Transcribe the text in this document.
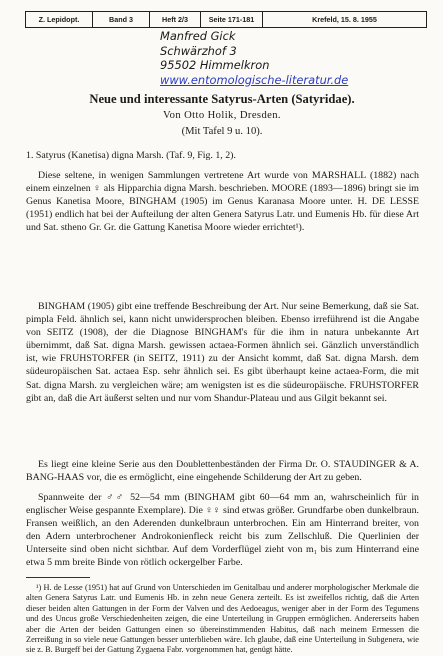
Z. Lepidopt.	Band 3	Heft 2/3	Seite 171-181	Krefeld, 15. 8. 1955
Manfred Gick
Schwärzhof 3
95502 Himmelkron
www.entomologische-literatur.de
Neue und interessante Satyrus-Arten (Satyridae).
Von Otto Holik, Dresden.
(Mit Tafel 9 u. 10).
1. Satyrus (Kanetisa) digna Marsh. (Taf. 9, Fig. 1, 2).

Diese seltene, in wenigen Sammlungen vertretene Art wurde von MARSHALL (1882) nach einem einzelnen ♀ als Hipparchia digna Marsh. beschrieben. MOORE (1893—1896) bringt sie im Genus Kanetisa Moore, BINGHAM (1905) im Genus Karanasa Moore unter. H. DE LESSE (1951) endlich hat bei der Aufteilung der alten Genera Satyrus Latr. und Eumenis Hb. für diese Art und Sat. stheno Gr. Gr. die Gattung Kanetisa Moore wieder errichtet¹).

BINGHAM (1905) gibt eine treffende Beschreibung der Art. Nur seine Bemerkung, daß sie Sat. pimpla Feld. ähnlich sei, kann nicht unwidersprochen bleiben. Ebenso irreführend ist die Angabe von SEITZ (1908), der die Diagnose BINGHAM's für die ihm in natura unbekannte Art übernimmt, daß Sat. digna Marsh. gewissen actaea-Formen ähnlich sei. Gänzlich unverständlich ist, wie FRUHSTORFER (in SEITZ, 1911) zu der Ansicht kommt, daß Sat. digna Marsh. dem südeuropäischen Sat. actaea Esp. sehr ähnlich sei. Es gibt überhaupt keine actaea-Form, die mit Sat. digna Marsh. zu vergleichen wäre; am wenigsten ist es die südeuropäische. FRUHSTORFER gibt an, daß die Art äußerst selten und nur vom Shandur-Plateau und aus Gilgit bekannt sei.

Es liegt eine kleine Serie aus den Doublettenbeständen der Firma Dr. O. STAUDINGER & A. BANG-HAAS vor, die es ermöglicht, eine eingehende Schilderung der Art zu geben.

Spannweite der ♂♂ 52—54 mm (BINGHAM gibt 60—64 mm an, wahrscheinlich für in englischer Weise gespannte Exemplare). Die ♀♀ sind etwas größer. Grundfarbe oben dunkelbraun. Fransen weißlich, an den Aderenden dunkelbraun unterbrochen. Ein am Hinterrand breiter, von den Adern unterbrochener Androkonienfleck reicht bis zum Zellschluß. Die Querlinien der Unterseite sind oben nicht sichtbar. Auf dem Vorderflügel zieht von m₁ bis zum Hinterrand eine etwa 5 mm breite Binde von rötlich ockergelber Farbe.

¹) H. de Lesse (1951) hat auf Grund von Unterschieden im Genitalbau und anderer morphologischer Merkmale die alten Genera Satyrus Latr. und Eumenis Hb. in zehn neue Genera zerteilt. Es ist zweifellos richtig, daß die Arten dieser beiden alten Gattungen in der Form der Valven und des Aedoeagus, weniger aber in der Form des Tegumens und des Uncus große Verschiedenheiten zeigen, die eine Unterteilung in Gruppen ermöglichen. Andererseits haben aber die Arten der beiden Gattungen einen so übereinstimmenden Habitus, daß nach meinem Ermessen die Zerreißung in so viele neue Gattungen besser unterblieben wäre. Ich glaube, daß eine Unterteilung in Subgenera, wie sie z. B. Burgeff bei der Gattung Zygaena Fabr. vorgenommen hat, genügt hätte.
